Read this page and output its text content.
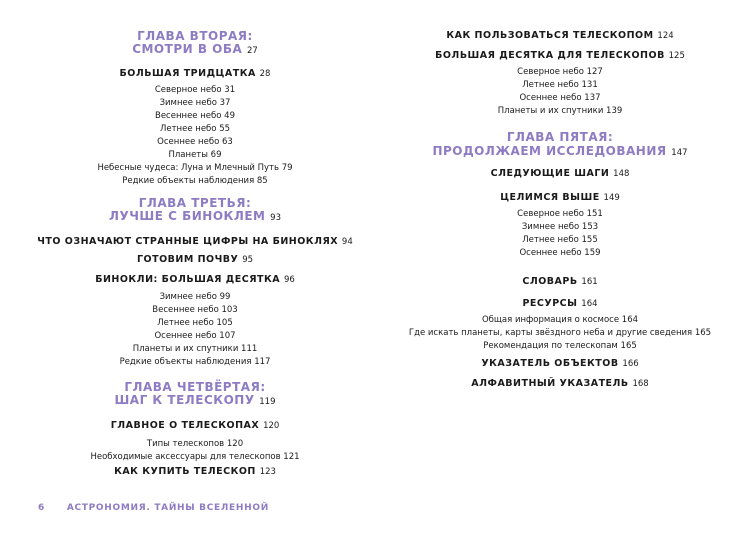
ГЛАВА ВТОРАЯ:
СМОТРИ В ОБА 27
БОЛЬШАЯ ТРИДЦАТКА 28
Северное небо 31
Зимнее небо 37
Весеннее небо 49
Летнее небо 55
Осеннее небо 63
Планеты 69
Небесные чудеса: Луна и Млечный Путь 79
Редкие объекты наблюдения 85
ГЛАВА ТРЕТЬЯ:
ЛУЧШЕ С БИНОКЛЕМ 93
ЧТО ОЗНАЧАЮТ СТРАННЫЕ ЦИФРЫ НА БИНОКЛЯХ 94
ГОТОВИМ ПОЧВУ 95
БИНОКЛИ: БОЛЬШАЯ ДЕСЯТКА 96
Зимнее небо 99
Весеннее небо 103
Летнее небо 105
Осеннее небо 107
Планеты и их спутники 111
Редкие объекты наблюдения 117
ГЛАВА ЧЕТВЁРТАЯ:
ШАГ К ТЕЛЕСКОПУ 119
ГЛАВНОЕ О ТЕЛЕСКОПАХ 120
Типы телескопов 120
Необходимые аксессуары для телескопов 121
КАК КУПИТЬ ТЕЛЕСКОП 123
КАК ПОЛЬЗОВАТЬСЯ ТЕЛЕСКОПОМ 124
БОЛЬШАЯ ДЕСЯТКА ДЛЯ ТЕЛЕСКОПОВ 125
Северное небо 127
Летнее небо 131
Осеннее небо 137
Планеты и их спутники 139
ГЛАВА ПЯТАЯ:
ПРОДОЛЖАЕМ ИССЛЕДОВАНИЯ 147
СЛЕДУЮЩИЕ ШАГИ 148
ЦЕЛИМСЯ ВЫШЕ 149
Северное небо 151
Зимнее небо 153
Летнее небо 155
Осеннее небо 159
СЛОВАРЬ 161
РЕСУРСЫ 164
Общая информация о космосе 164
Где искать планеты, карты звёздного неба и другие сведения 165
Рекомендация по телескопам 165
УКАЗАТЕЛЬ ОБЪЕКТОВ 166
АЛФАВИТНЫЙ УКАЗАТЕЛЬ 168
6 АСТРОНОМИЯ. ТАЙНЫ ВСЕЛЕННОЙ
